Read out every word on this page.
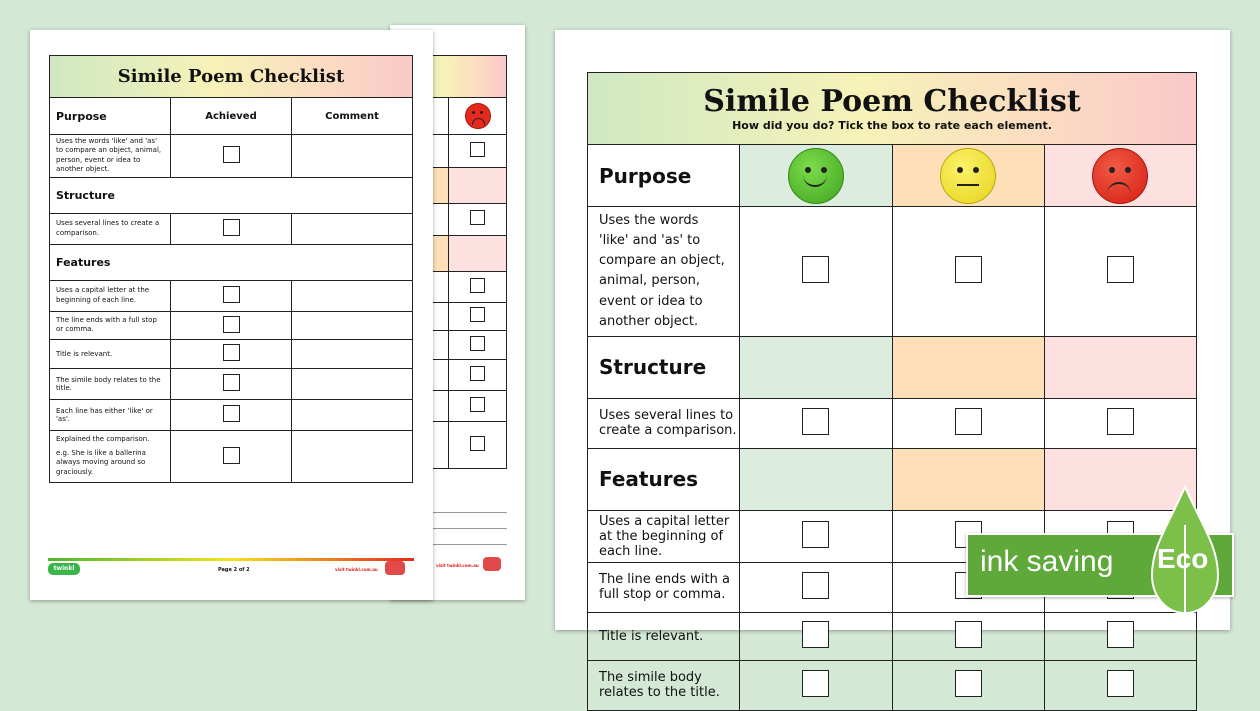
visit twinkl.com.au
Simile Poem Checklist		
Purpose	Achieved	Comment
Uses the words 'like' and 'as' to compare an object, animal, person, event or idea to another object.		
Structure		
Uses several lines to create a comparison.		
Features		
Uses a capital letter at the beginning of each line.		
The line ends with a full stop or comma.		
Title is relevant.		
The simile body relates to the title.		
Each line has either 'like' or 'as'.		

Explained the comparison.
e.g. She is like a ballerina always moving around so graciously.		

twinkl	Page 2 of 2	visit twinkl.com.au
Simile Poem Checklist
How did you do? Tick the box to rate each element.			

Purpose	

Uses the words 'like' and 'as' to compare an object, animal, person, event or idea to another object.			
Structure			
Uses several lines to create a comparison.			
Features			
Uses a capital letter at the beginning of each line.			
The line ends with a full stop or comma.			
Title is relevant.			
The simile body relates to the title.			
ink saving Eco
